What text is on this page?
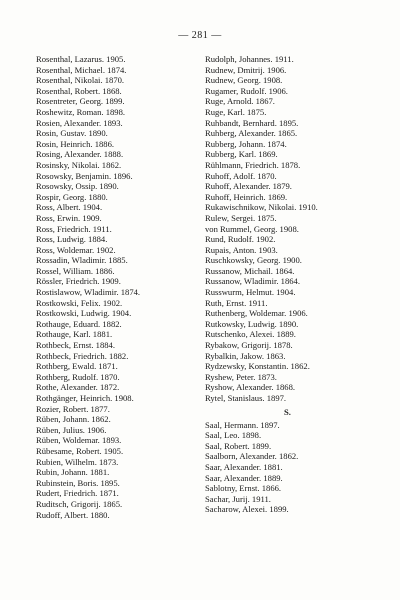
— 281 —
Rosenthal, Lazarus. 1905.
Rosenthal, Michael. 1874.
Rosenthal, Nikolai. 1870.
Rosenthal, Robert. 1868.
Rosentreter, Georg. 1899.
Roshewitz, Roman. 1898.
Rosien, Alexander. 1893.
Rosin, Gustav. 1890.
Rosin, Heinrich. 1886.
Rosing, Alexander. 1888.
Rosinsky, Nikolai. 1862.
Rosowsky, Benjamin. 1896.
Rosowsky, Ossip. 1890.
Rospir, Georg. 1880.
Ross, Albert. 1904.
Ross, Erwin. 1909.
Ross, Friedrich. 1911.
Ross, Ludwig. 1884.
Ross, Woldemar. 1902.
Rossadin, Wladimir. 1885.
Rossel, William. 1886.
Rössler, Friedrich. 1909.
Rostislawow, Wladimir. 1874.
Rostkowski, Felix. 1902.
Rostkowski, Ludwig. 1904.
Rothauge, Eduard. 1882.
Rothauge, Karl. 1881.
Rothbeck, Ernst. 1884.
Rothbeck, Friedrich. 1882.
Rothberg, Ewald. 1871.
Rothberg, Rudolf. 1870.
Rothe, Alexander. 1872.
Rothgänger, Heinrich. 1908.
Rozier, Robert. 1877.
Rüben, Johann. 1862.
Rüben, Julius. 1906.
Rüben, Woldemar. 1893.
Rübesame, Robert. 1905.
Rubien, Wilhelm. 1873.
Rubin, Johann. 1881.
Rubinstein, Boris. 1895.
Rudert, Friedrich. 1871.
Ruditsch, Grigorij. 1865.
Rudoff, Albert. 1880.
Rudolph, Johannes. 1911.
Rudnew, Dmitrij. 1906.
Rudnew, Georg. 1908.
Rugamer, Rudolf. 1906.
Ruge, Arnold. 1867.
Ruge, Karl. 1875.
Ruhbandt, Bernhard. 1895.
Ruhberg, Alexander. 1865.
Rubberg, Johann. 1874.
Rubberg, Karl. 1869.
Rühlmann, Friedrich. 1878.
Ruhoff, Adolf. 1870.
Ruhoff, Alexander. 1879.
Ruhoff, Heinrich. 1869.
Rukawischnikow, Nikolai. 1910.
Rulew, Sergei. 1875.
von Rummel, Georg. 1908.
Rund, Rudolf. 1902.
Rupais, Anton. 1903.
Ruschkowsky, Georg. 1900.
Russanow, Michail. 1864.
Russanow, Wladimir. 1864.
Russwurm, Helmut. 1904.
Ruth, Ernst. 1911.
Ruthenberg, Woldemar. 1906.
Rutkowsky, Ludwig. 1890.
Rutschenko, Alexei. 1889.
Rybakow, Grigorij. 1878.
Rybalkin, Jakow. 1863.
Rydzewsky, Konstantin. 1862.
Ryshew, Peter. 1873.
Ryshow, Alexander. 1868.
Rytel, Stanislaus. 1897.
S.
Saal, Hermann. 1897.
Saal, Leo. 1898.
Saal, Robert. 1899.
Saalborn, Alexander. 1862.
Saar, Alexander. 1881.
Saar, Alexander. 1889.
Sablotny, Ernst. 1866.
Sachar, Jurij. 1911.
Sacharow, Alexei. 1899.
